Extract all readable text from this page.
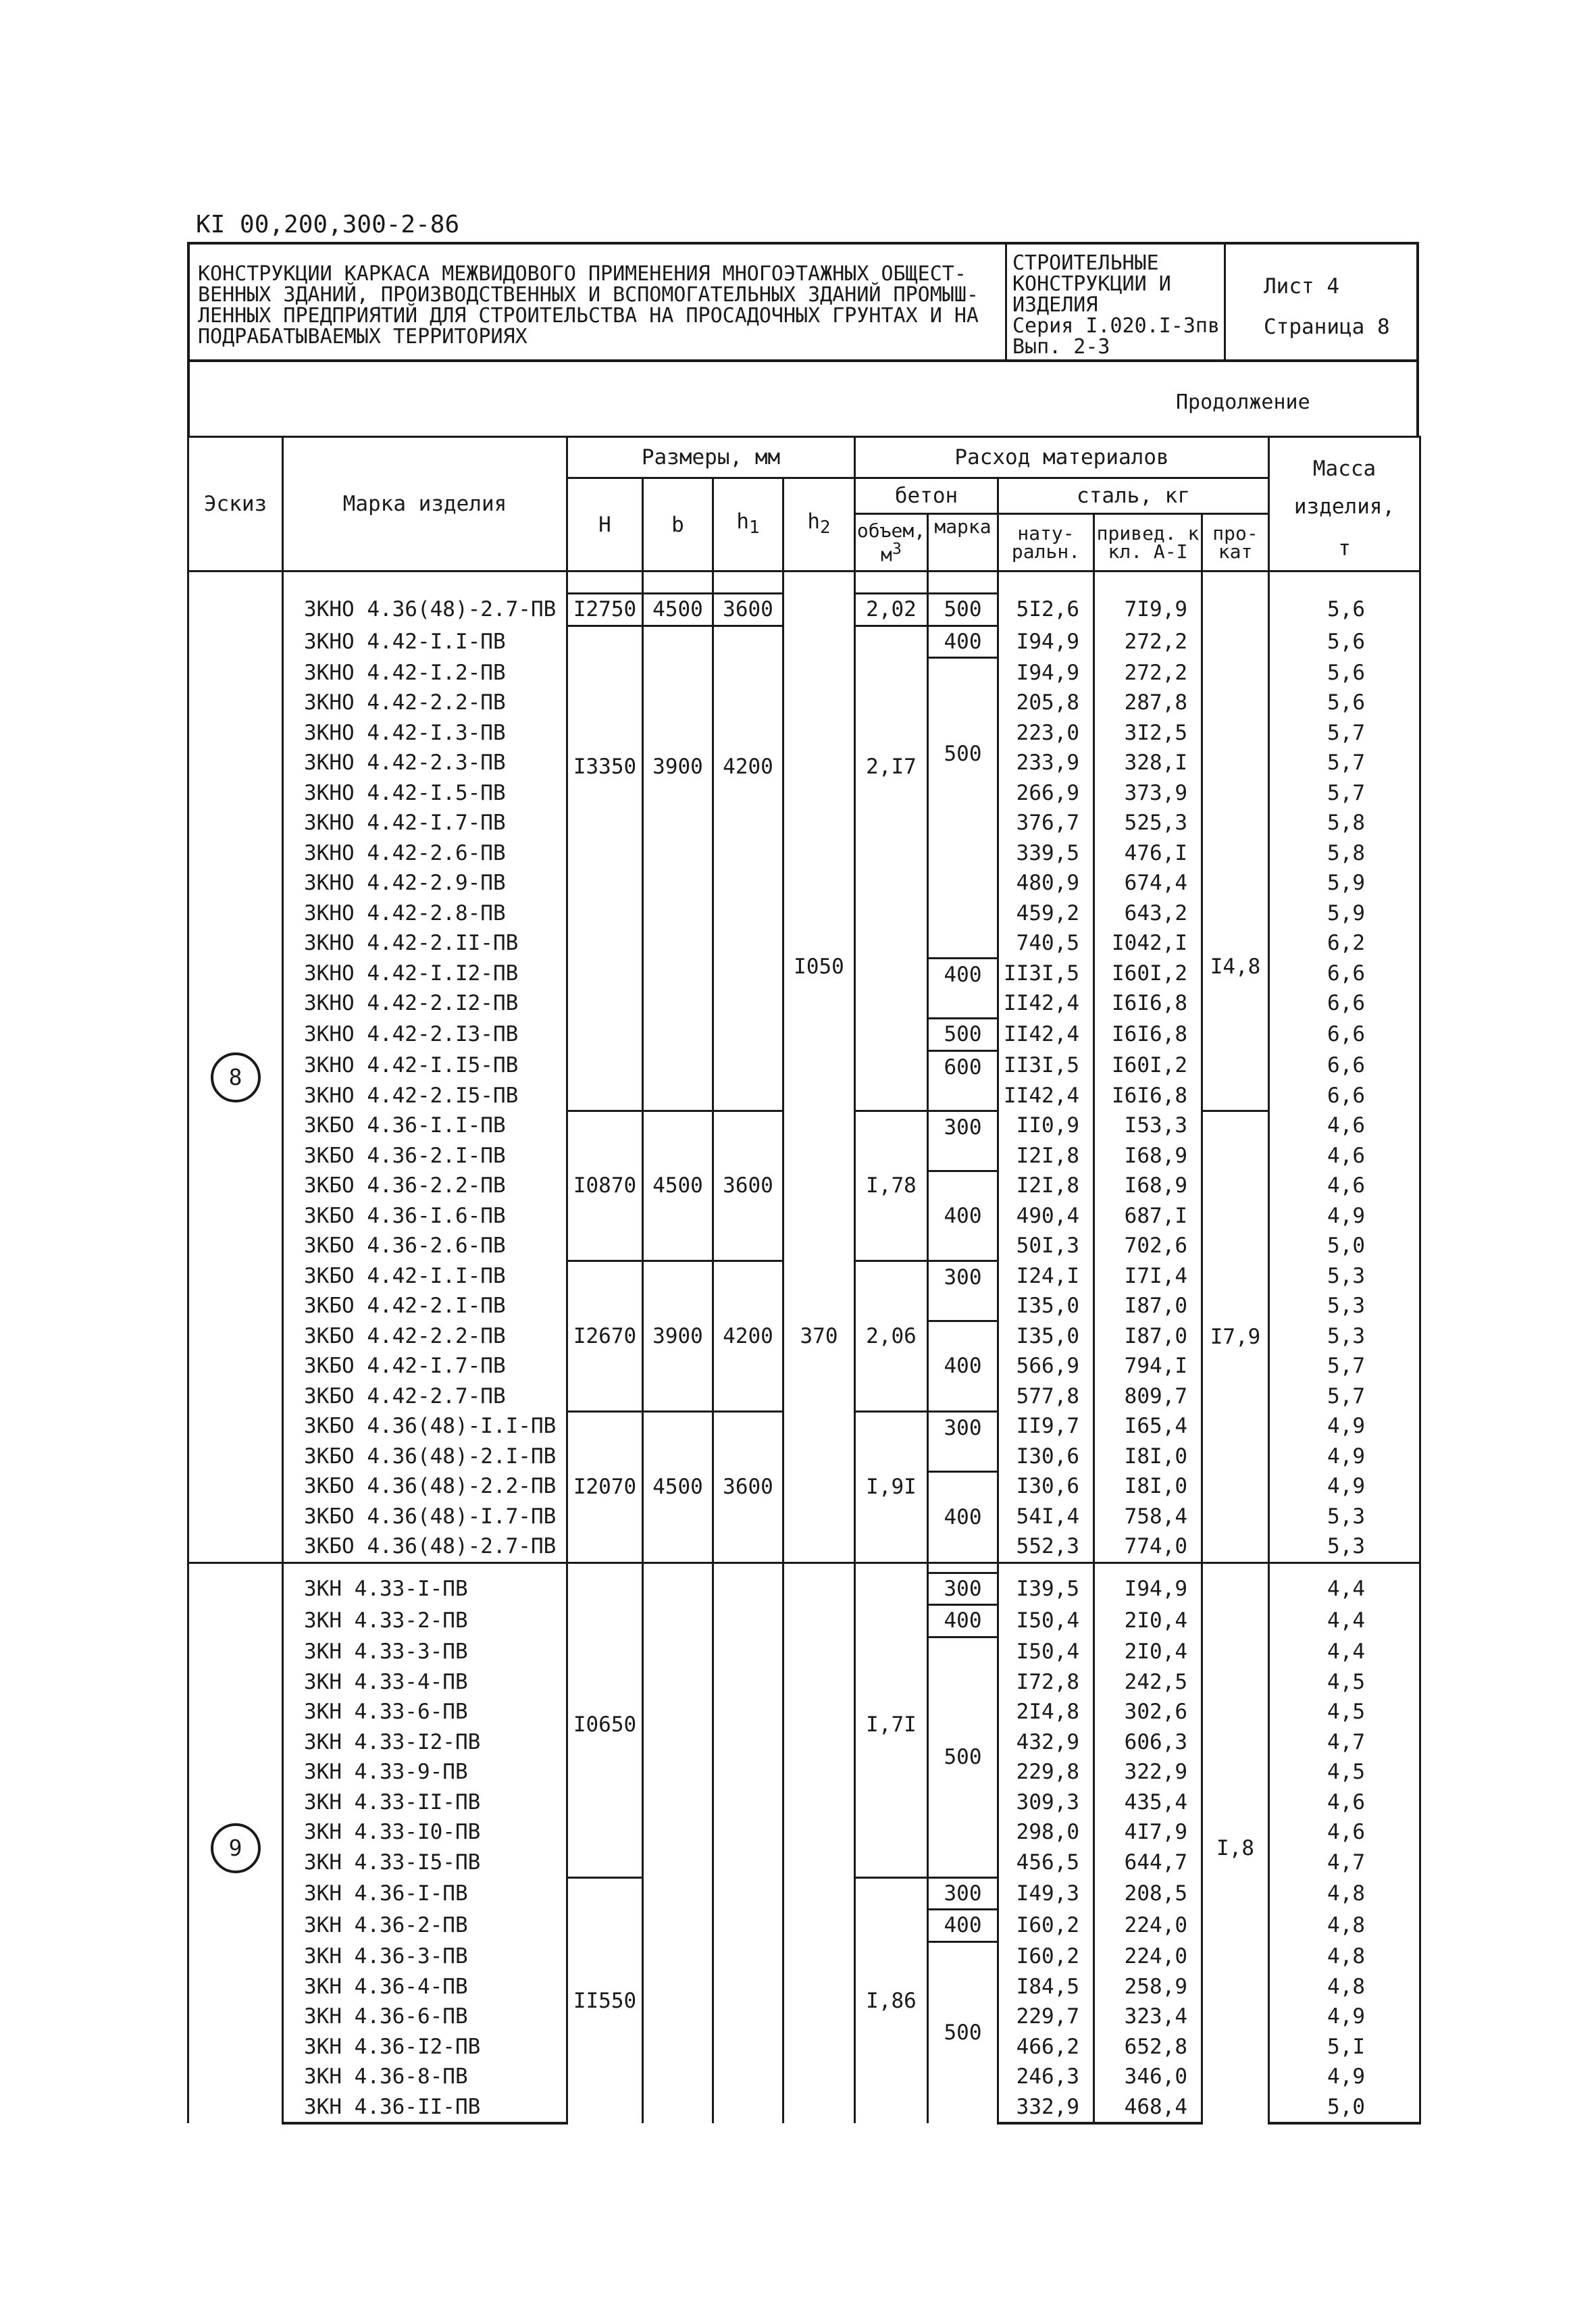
КI 00,200,300-2-86
КОНСТРУКЦИИ КАРКАСА МЕЖВИДОВОГО ПРИМЕНЕНИЯ МНОГОЭТАЖНЫХ ОБЩЕСТ-
ВЕННЫХ ЗДАНИЙ, ПРОИЗВОДСТВЕННЫХ И ВСПОМОГАТЕЛЬНЫХ ЗДАНИЙ ПРОМЫШ-
ЛЕННЫХ ПРЕДПРИЯТИЙ ДЛЯ СТРОИТЕЛЬСТВА НА ПРОСАДОЧНЫХ ГРУНТАХ И НА
ПОДРАБАТЫВАЕМЫХ ТЕРРИТОРИЯХ
СТРОИТЕЛЬНЫЕ
КОНСТРУКЦИИ И
ИЗДЕЛИЯ
Серия I.020.I-3пв
Вып. 2-3
Лист 4
Страница 8
Продолжение
Эскиз	Марка изделия	Размеры, мм				Расход материалов					Масса изделия,
т

		H	b	$h_1$	$h_2$	бетон		сталь, кг			
						объем, $м^3$	марка	нату- ральн.	привед. к кл. А-I	про- кат	

8	3КНО 4.36(48)-2.7-ПВ	I2750	4500	3600	I050	2,02	500	5I2,6	7I9,9	I4,8	5,6
	3КНО 4.42-I.I-ПВ	I3350	3900	4200		2,I7	400	I94,9	272,2		5,6
	3КНО 4.42-I.2-ПВ						500	I94,9	272,2		5,6
	3КНО 4.42-2.2-ПВ							205,8	287,8		5,6
	3КНО 4.42-I.3-ПВ							223,0	3I2,5		5,7
	3КНО 4.42-2.3-ПВ							233,9	328,I		5,7
	3КНО 4.42-I.5-ПВ							266,9	373,9		5,7
	3КНО 4.42-I.7-ПВ							376,7	525,3		5,8
	3КНО 4.42-2.6-ПВ							339,5	476,I		5,8
	3КНО 4.42-2.9-ПВ							480,9	674,4		5,9
	3КНО 4.42-2.8-ПВ							459,2	643,2		5,9
	3КНО 4.42-2.II-ПВ							740,5	I042,I		6,2
	3КНО 4.42-I.I2-ПВ						400	II3I,5	I60I,2		6,6
	3КНО 4.42-2.I2-ПВ							II42,4	I6I6,8		6,6
	3КНО 4.42-2.I3-ПВ						500	II42,4	I6I6,8		6,6
	3КНО 4.42-I.I5-ПВ						600	II3I,5	I60I,2		6,6
	3КНО 4.42-2.I5-ПВ							II42,4	I6I6,8		6,6
	3КБО 4.36-I.I-ПВ	I0870	4500	3600	370	I,78	300	II0,9	I53,3	I7,9	4,6
	3КБО 4.36-2.I-ПВ							I2I,8	I68,9		4,6
	3КБО 4.36-2.2-ПВ						400	I2I,8	I68,9		4,6
	3КБО 4.36-I.6-ПВ							490,4	687,I		4,9
	3КБО 4.36-2.6-ПВ							50I,3	702,6		5,0
	3КБО 4.42-I.I-ПВ	I2670	3900	4200		2,06	300	I24,I	I7I,4		5,3
	3КБО 4.42-2.I-ПВ							I35,0	I87,0		5,3
	3КБО 4.42-2.2-ПВ						400	I35,0	I87,0		5,3
	3КБО 4.42-I.7-ПВ							566,9	794,I		5,7
	3КБО 4.42-2.7-ПВ							577,8	809,7		5,7
	3КБО 4.36(48)-I.I-ПВ	I2070	4500	3600		I,9I	300	II9,7	I65,4		4,9
	3КБО 4.36(48)-2.I-ПВ							I30,6	I8I,0		4,9
	3КБО 4.36(48)-2.2-ПВ						400	I30,6	I8I,0		4,9
	3КБО 4.36(48)-I.7-ПВ							54I,4	758,4		5,3
	3КБО 4.36(48)-2.7-ПВ							552,3	774,0		5,3

9	3КН 4.33-I-ПВ	I0650				I,7I	300	I39,5	I94,9	I,8	4,4
	3КН 4.33-2-ПВ						400	I50,4	2I0,4		4,4
	3КН 4.33-3-ПВ						500	I50,4	2I0,4		4,4
	3КН 4.33-4-ПВ							I72,8	242,5		4,5
	3КН 4.33-6-ПВ							2I4,8	302,6		4,5
	3КН 4.33-I2-ПВ							432,9	606,3		4,7
	3КН 4.33-9-ПВ							229,8	322,9		4,5
	3КН 4.33-II-ПВ							309,3	435,4		4,6
	3КН 4.33-I0-ПВ							298,0	4I7,9		4,6
	3КН 4.33-I5-ПВ							456,5	644,7		4,7
	3КН 4.36-I-ПВ	II550				I,86	300	I49,3	208,5		4,8
	3КН 4.36-2-ПВ						400	I60,2	224,0		4,8
	3КН 4.36-3-ПВ						500	I60,2	224,0		4,8
	3КН 4.36-4-ПВ							I84,5	258,9		4,8
	3КН 4.36-6-ПВ							229,7	323,4		4,9
	3КН 4.36-I2-ПВ							466,2	652,8		5,I
	3КН 4.36-8-ПВ							246,3	346,0		4,9
	3КН 4.36-II-ПВ							332,9	468,4		5,0
